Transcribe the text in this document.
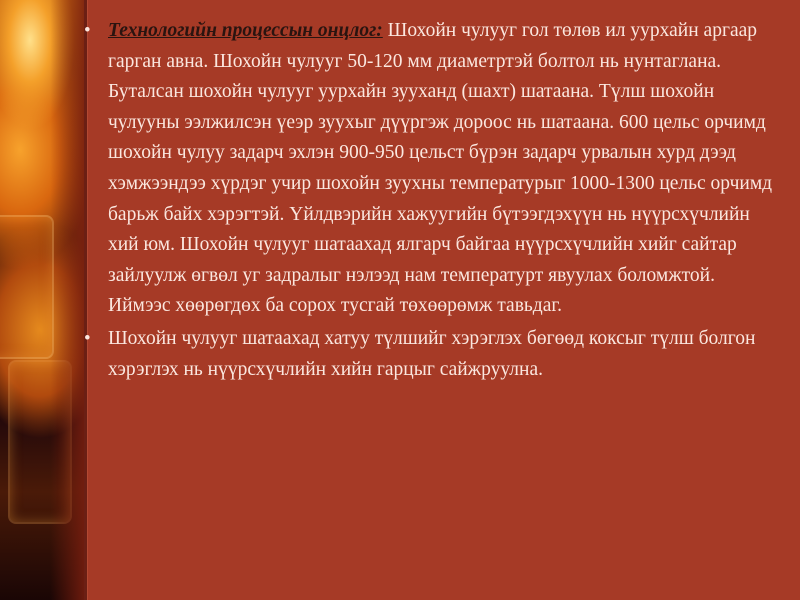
• Технологийн процессын онцлог: Шохойн чулууг гол төлөв ил уурхайн аргаар гарган авна. Шохойн чулууг 50-120 мм диаметртэй болтол нь нунтаглана. Буталсан шохойн чулууг уурхайн зууханд (шахт) шатаана. Түлш шохойн чулууны ээлжилсэн үеэр зуухыг дүүргэж дороос нь шатаана. 600 цельс орчимд шохойн чулуу задарч эхлэн 900-950 цельст бүрэн задарч урвалын хурд дээд хэмжээндээ хүрдэг учир шохойн зуухны температурыг 1000-1300 цельс орчимд барьж байх хэрэгтэй. Үйлдвэрийн хажуугийн бүтээгдэхүүн нь нүүрсхүчлийн хий юм. Шохойн чулууг шатаахад ялгарч байгаа нүүрсхүчлийн хийг сайтар зайлуулж өгвөл уг задралыг нэлээд нам температурт явуулах боломжтой. Иймээс хөөрөгдөх ба сорох тусгай төхөөрөмж тавьдаг.
• Шохойн чулууг шатаахад хатуу түлшийг хэрэглэх бөгөөд коксыг түлш болгон хэрэглэх нь нүүрсхүчлийн хийн гарцыг сайжруулна.
